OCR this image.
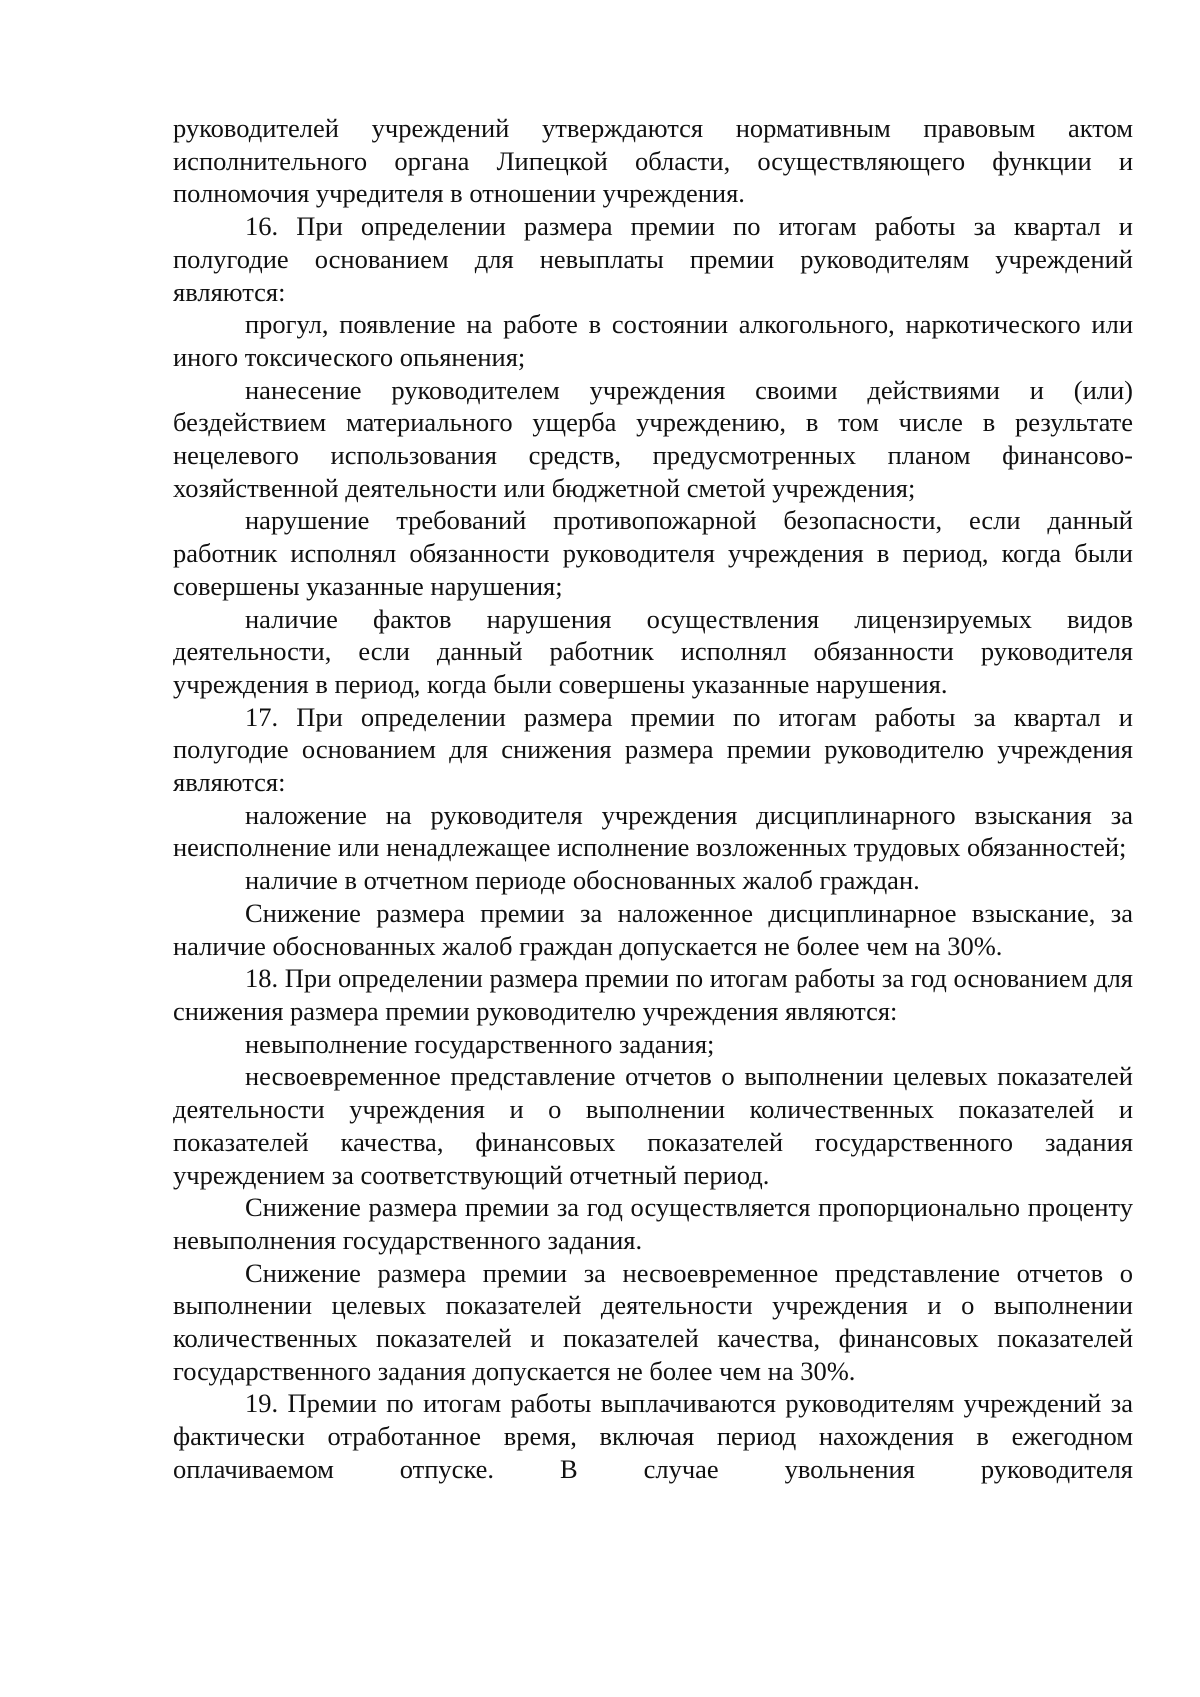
руководителей учреждений утверждаются нормативным правовым актом исполнительного органа Липецкой области, осуществляющего функции и полномочия учредителя в отношении учреждения.

16. При определении размера премии по итогам работы за квартал и полугодие основанием для невыплаты премии руководителям учреждений являются:

прогул, появление на работе в состоянии алкогольного, наркотического или иного токсического опьянения;

нанесение руководителем учреждения своими действиями и (или) бездействием материального ущерба учреждению, в том числе в результате нецелевого использования средств, предусмотренных планом финансово-хозяйственной деятельности или бюджетной сметой учреждения;

нарушение требований противопожарной безопасности, если данный работник исполнял обязанности руководителя учреждения в период, когда были совершены указанные нарушения;

наличие фактов нарушения осуществления лицензируемых видов деятельности, если данный работник исполнял обязанности руководителя учреждения в период, когда были совершены указанные нарушения.

17. При определении размера премии по итогам работы за квартал и полугодие основанием для снижения размера премии руководителю учреждения являются:

наложение на руководителя учреждения дисциплинарного взыскания за неисполнение или ненадлежащее исполнение возложенных трудовых обязанностей;

наличие в отчетном периоде обоснованных жалоб граждан.

Снижение размера премии за наложенное дисциплинарное взыскание, за наличие обоснованных жалоб граждан допускается не более чем на 30%.

18. При определении размера премии по итогам работы за год основанием для снижения размера премии руководителю учреждения являются:

невыполнение государственного задания;

несвоевременное представление отчетов о выполнении целевых показателей деятельности учреждения и о выполнении количественных показателей и показателей качества, финансовых показателей государственного задания учреждением за соответствующий отчетный период.

Снижение размера премии за год осуществляется пропорционально проценту невыполнения государственного задания.

Снижение размера премии за несвоевременное представление отчетов о выполнении целевых показателей деятельности учреждения и о выполнении количественных показателей и показателей качества, финансовых показателей государственного задания допускается не более чем на 30%.

19. Премии по итогам работы выплачиваются руководителям учреждений за фактически отработанное время, включая период нахождения в ежегодном оплачиваемом отпуске. В случае увольнения руководителя
